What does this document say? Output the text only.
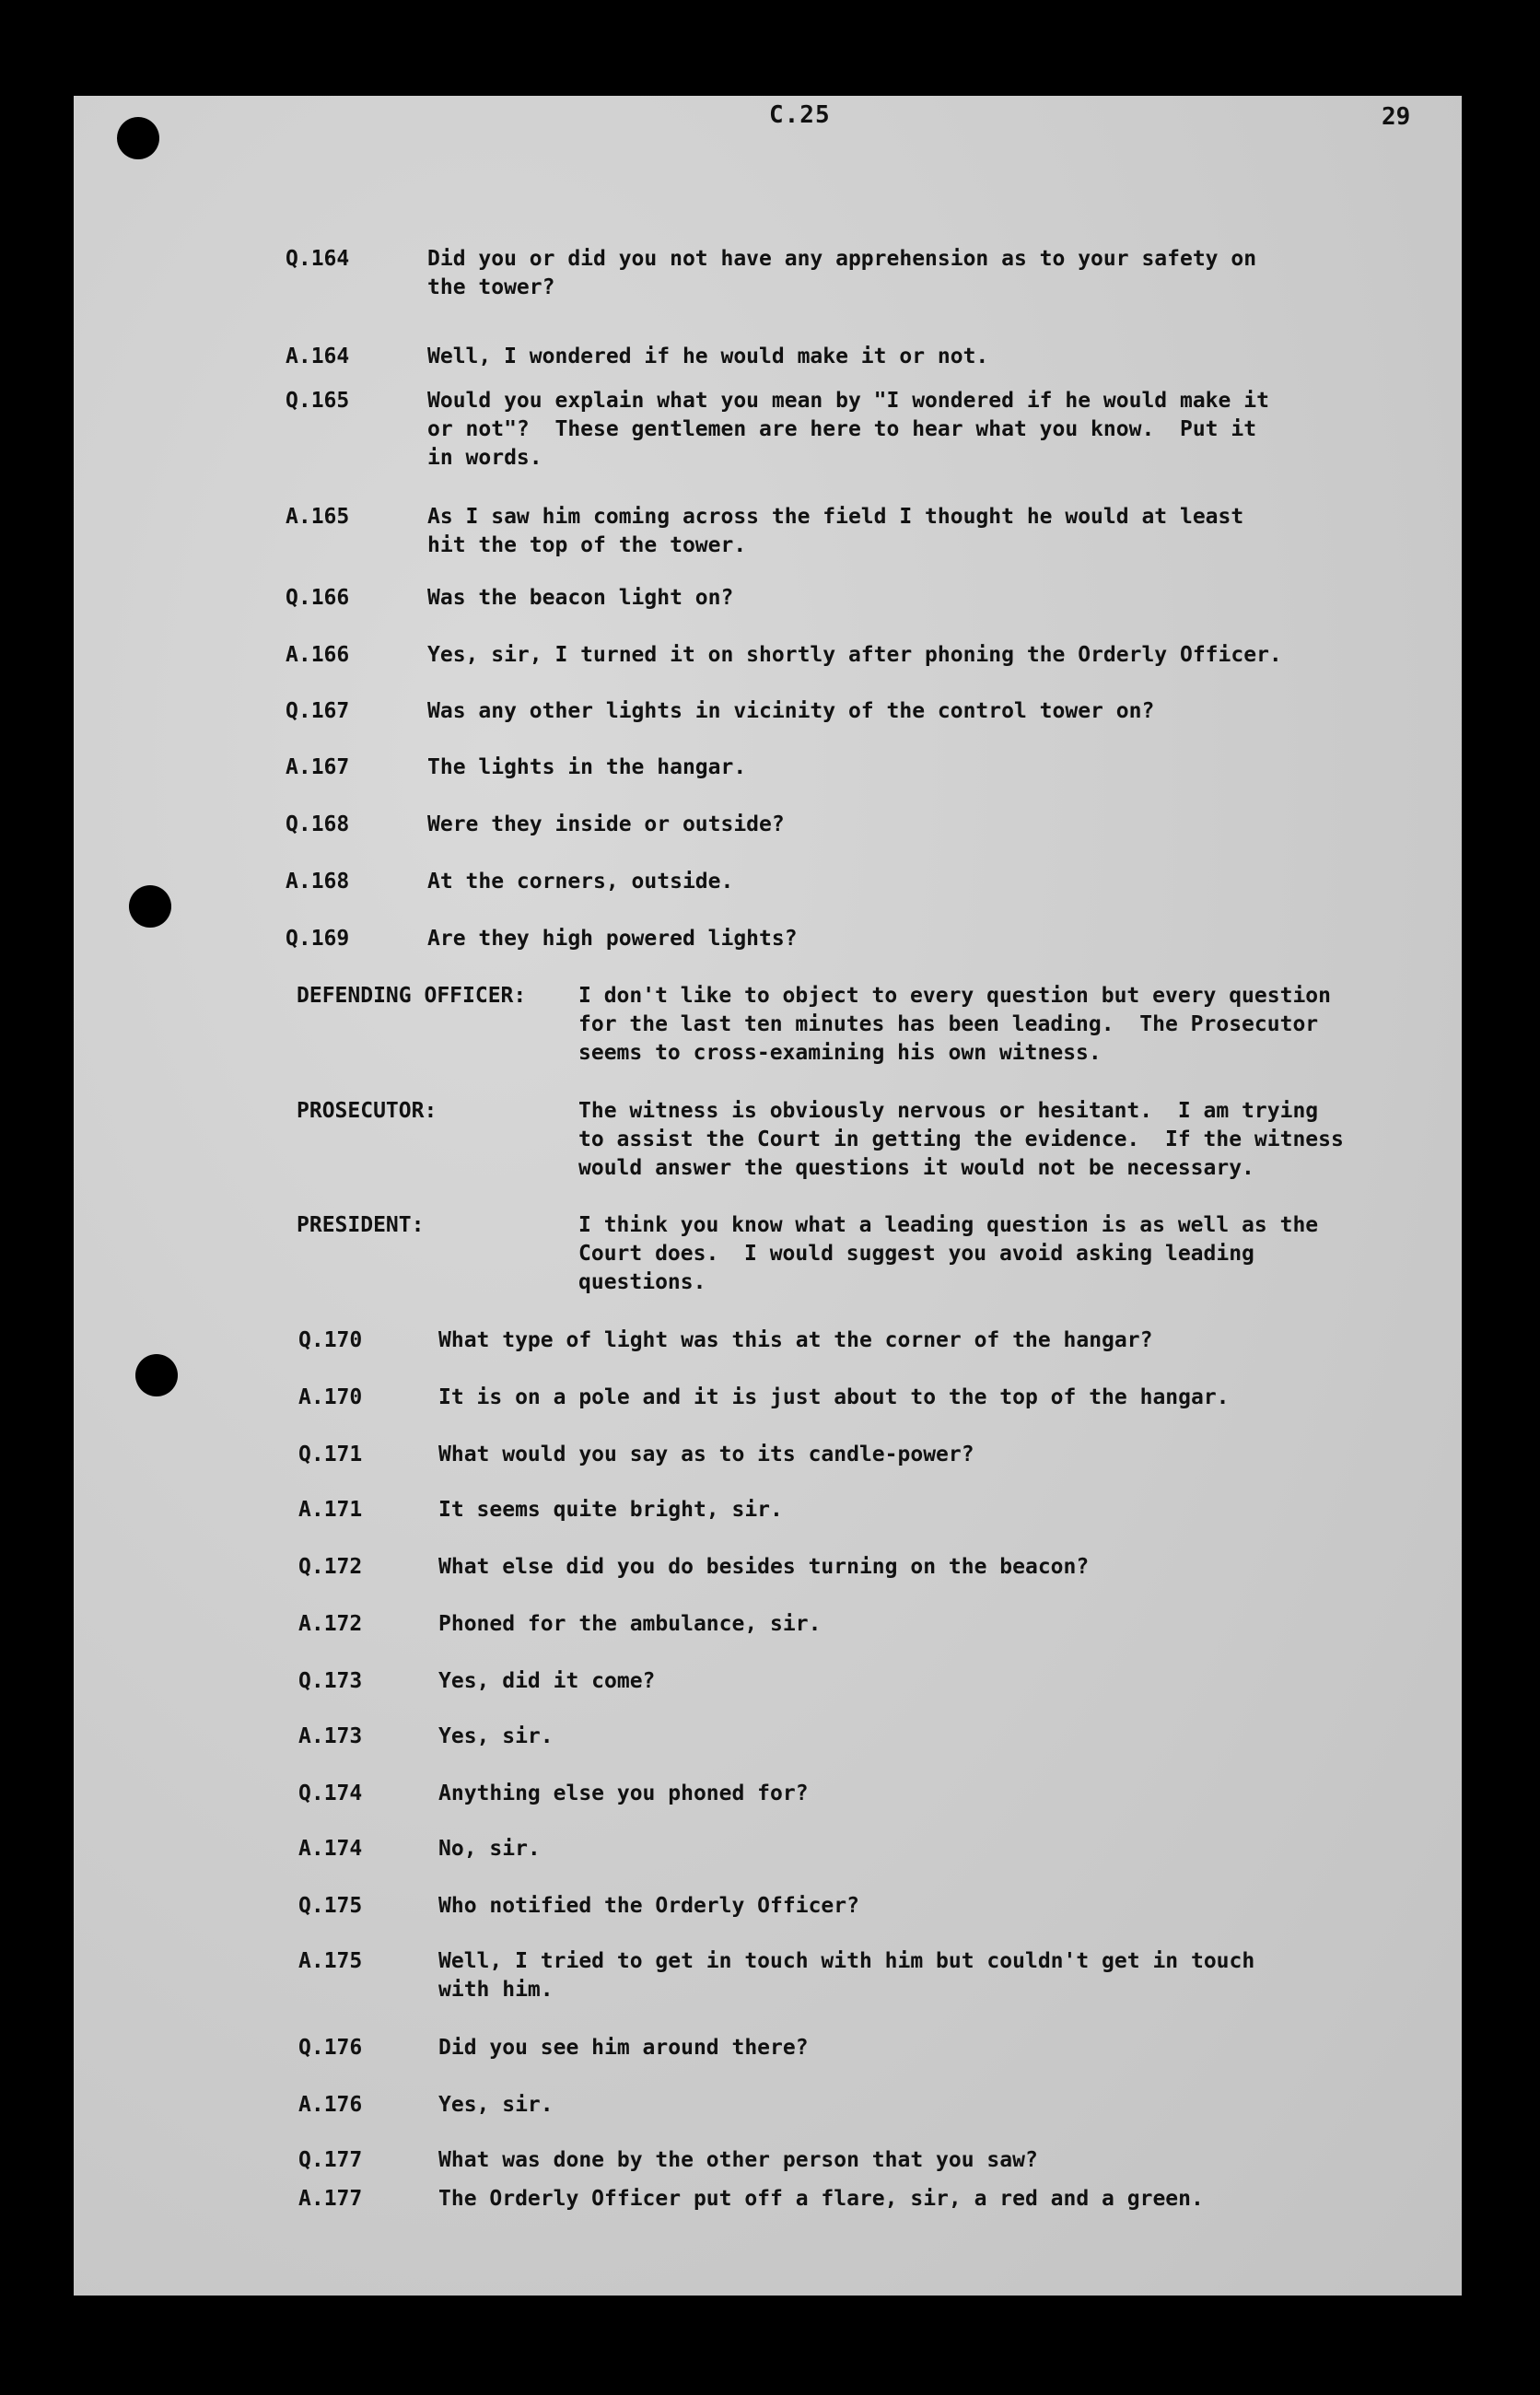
C.25	29
Q.164	Did you or did you not have any apprehension as to your safety on
the tower?
A.164	Well, I wondered if he would make it or not.
Q.165	Would you explain what you mean by "I wondered if he would make it
or not"?  These gentlemen are here to hear what you know.  Put it
in words.
A.165	As I saw him coming across the field I thought he would at least
hit the top of the tower.
Q.166	Was the beacon light on?
A.166	Yes, sir, I turned it on shortly after phoning the Orderly Officer.
Q.167	Was any other lights in vicinity of the control tower on?
A.167	The lights in the hangar.
Q.168	Were they inside or outside?
A.168	At the corners, outside.
Q.169	Are they high powered lights?
DEFENDING OFFICER: I don't like to object to every question but every question
for the last ten minutes has been leading.  The Prosecutor
seems to cross-examining his own witness.
PROSECUTOR:	The witness is obviously nervous or hesitant.  I am trying
to assist the Court in getting the evidence.  If the witness
would answer the questions it would not be necessary.
PRESIDENT:	I think you know what a leading question is as well as the
Court does.  I would suggest you avoid asking leading
questions.
Q.170	What type of light was this at the corner of the hangar?
A.170	It is on a pole and it is just about to the top of the hangar.
Q.171	What would you say as to its candle-power?
A.171	It seems quite bright, sir.
Q.172	What else did you do besides turning on the beacon?
A.172	Phoned for the ambulance, sir.
Q.173	Yes, did it come?
A.173	Yes, sir.
Q.174	Anything else you phoned for?
A.174	No, sir.
Q.175	Who notified the Orderly Officer?
A.175	Well, I tried to get in touch with him but couldn't get in touch
with him.
Q.176	Did you see him around there?
A.176	Yes, sir.
Q.177	What was done by the other person that you saw?
A.177	The Orderly Officer put off a flare, sir, a red and a green.
